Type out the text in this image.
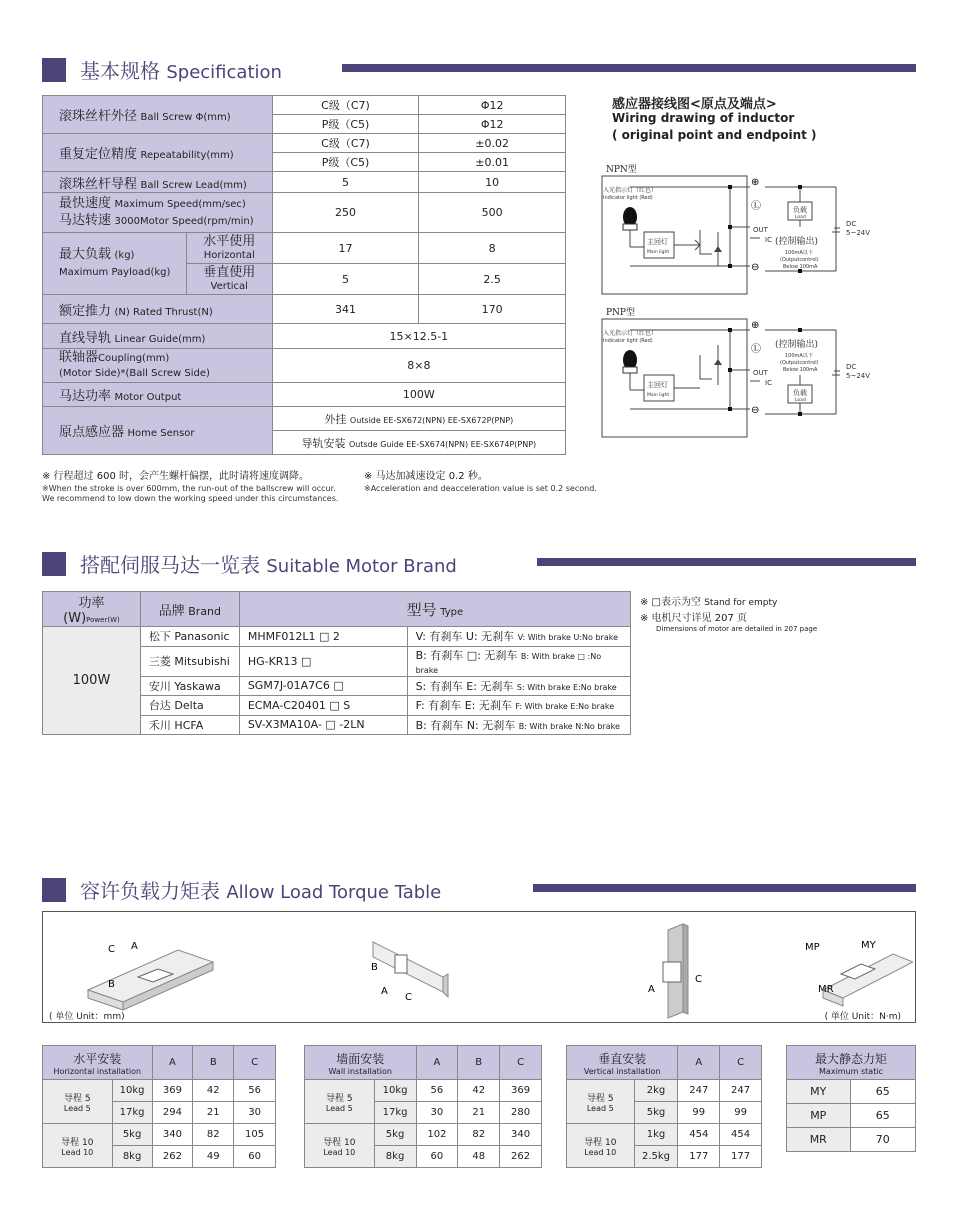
基本规格 Specification
滚珠丝杆外径 Ball Screw Φ(mm)		C级（C7)	Φ12
		P级（C5)	Φ12
重复定位精度 Repeatability(mm)		C级（C7)	±0.02
		P级（C5)	±0.01
滚珠丝杆导程 Ball Screw Lead(mm)		5	10
最快速度 Maximum Speed(mm/sec)
马达转速 3000Motor Speed(rpm/min)		250	500
最大负载 (kg)
Maximum Payload(kg)	水平使用
Horizontal	17	8
	垂直使用
Vertical	5	2.5
额定推力 (N) Rated Thrust(N)		341	170
直线导轨 Linear Guide(mm)		15×12.5-1	
联轴器Coupling(mm)
(Motor Side)*(Ball Screw Side)		8×8	
马达功率 Motor Output		100W	
原点感应器 Home Sensor		外挂 Outside EE-SX672(NPN) EE-SX672P(PNP)	
		导轨安装 Outsde Guide EE-SX674(NPN) EE-SX674P(PNP)	
※ 行程超过 600 时，会产生螺杆偏摆，此时请将速度调降。
※When the stroke is over 600mm, the run-out of the ballscrew will occur.
We recommend to low down the working speed under this circumstances.
※ 马达加减速设定 0.2 秒。
※Acceleration and deacceleration value is set 0.2 second.
感应器接线图<原点及端点>
Wiring drawing of inductor
( original point and endpoint )
NPN型
入光指示灯（红色）
Indicator light (Red)
主回灯
Main light
⊕
Ⓛ
⊖
OUT
IC
负载
Load
(控制输出)
100mA以下
(Outputcontrol)
Below 100mA
DC
5~24V
PNP型
入光指示灯（红色）
Indicator light (Red)
主回灯
Main light
⊕
Ⓛ
⊖
OUT
IC
负载
Load
(控制输出)
100mA以下
(Outputcontrol)
Below 100mA	DC
5~24V
搭配伺服马达一览表 Suitable Motor Brand
功率 (W)Power(W)	品牌 Brand	型号 Type	
100W	松下 Panasonic	MHMF012L1 □ 2	V: 有刹车 U: 无刹车 V: With brake U:No brake
	三菱 Mitsubishi	HG-KR13 □	B: 有刹车 □: 无刹车 B: With brake □ :No brake
	安川 Yaskawa	SGM7J-01A7C6 □	S: 有刹车 E: 无刹车 S: With brake E:No brake
	台达 Delta	ECMA-C20401 □ S	F: 有刹车 E: 无刹车 F: With brake E:No brake
	禾川 HCFA	SV-X3MA10A- □ -2LN	B: 有刹车 N: 无刹车 B: With brake N:No brake
※ □表示为空 Stand for empty
※ 电机尺寸详见 207 页
Dimensions of motor are detailed in 207 page
容许负载力矩表 Allow Load Torque Table
C A
B
B
A
C
A
C
MP	MY
MR
( 单位 Unit：mm)	( 单位 Unit：N·m)
水平安装
Horizontal installation		A	B	C

导程 5
Lead 5	10kg	369	42	56
	17kg	294	21	30

导程 10
Lead 10	5kg	340	82	105
	8kg	262	49	60
墙面安装
Wall installation		A	B	C

导程 5
Lead 5	10kg	56	42	369
	17kg	30	21	280

导程 10
Lead 10	5kg	102	82	340
	8kg	60	48	262
垂直安装
Vertical installation		A	C

导程 5
Lead 5	2kg	247	247
	5kg	99	99

导程 10
Lead 10	1kg	454	454
	2.5kg	177	177
最大静态力矩
Maximum static	

MY	65
MP	65
MR	70
